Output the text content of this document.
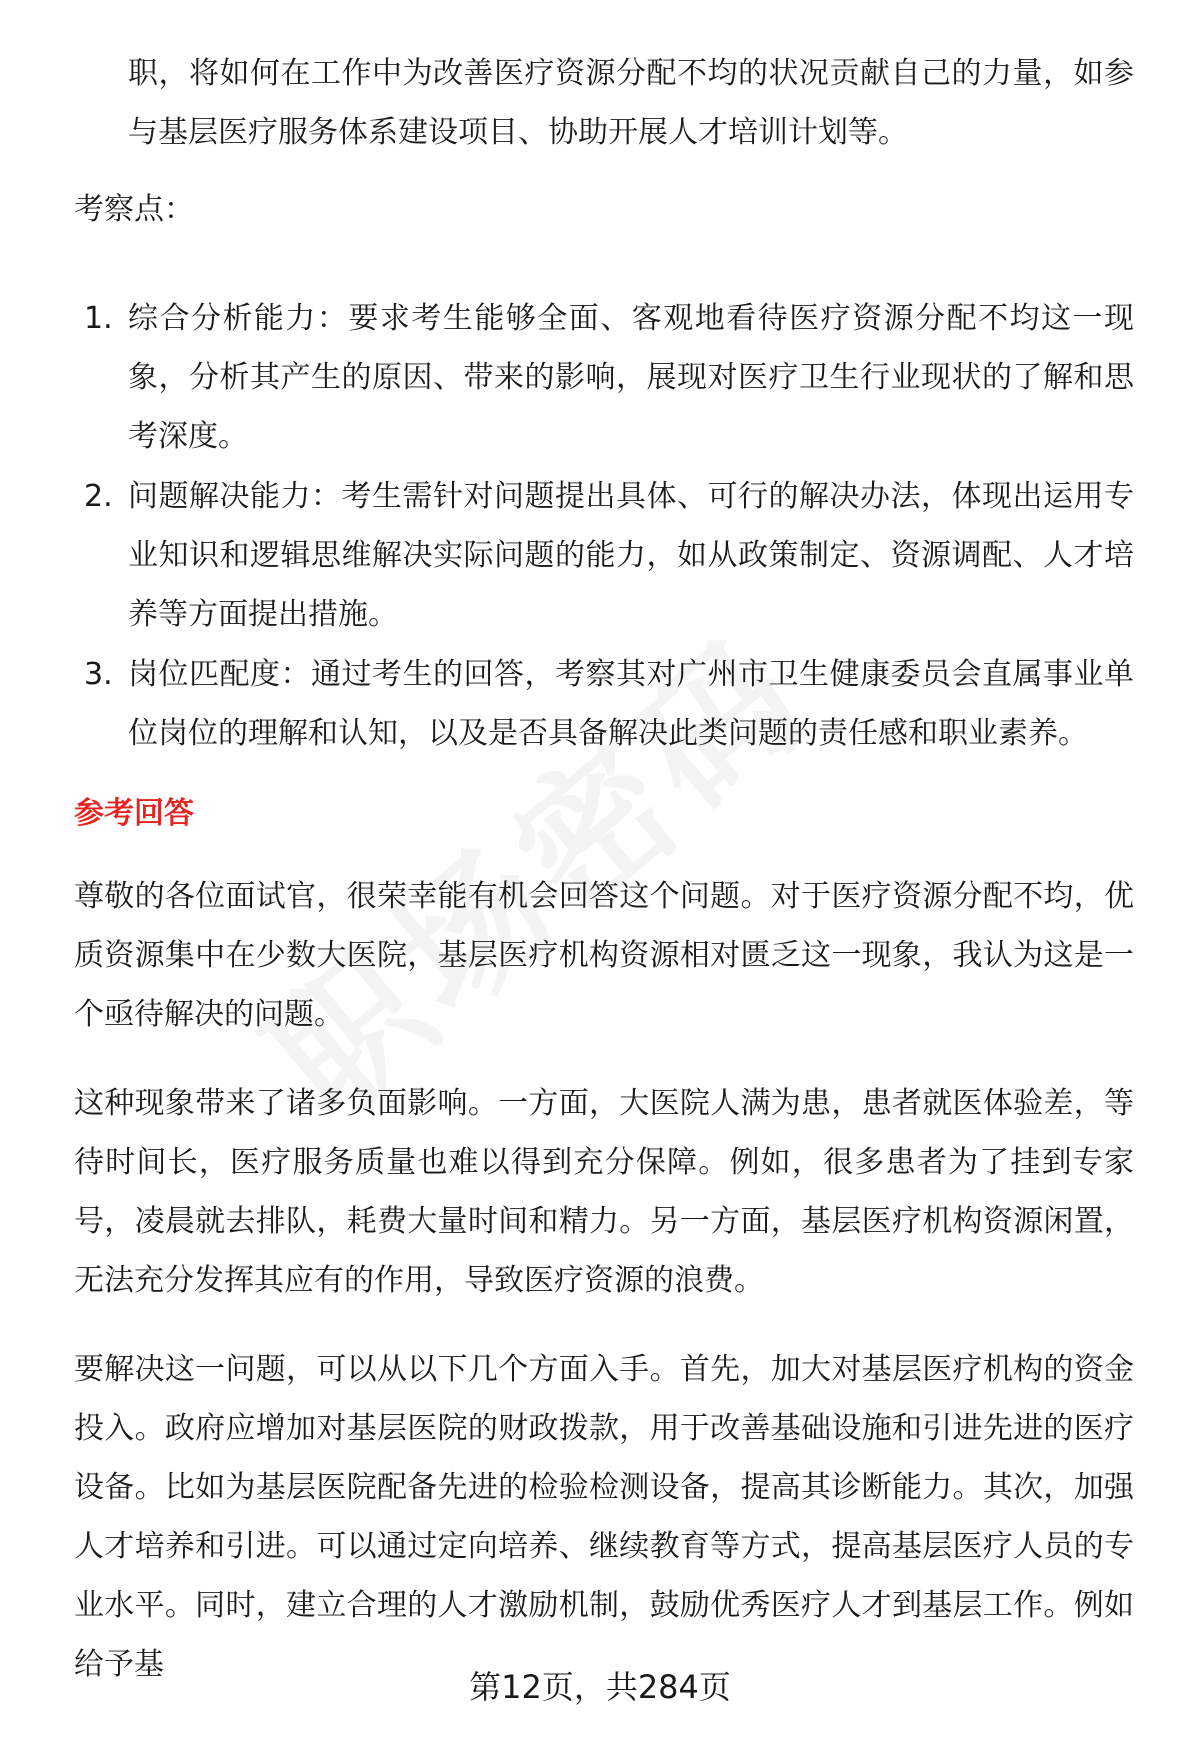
职，将如何在工作中为改善医疗资源分配不均的状况贡献自己的力量，如参与基层医疗服务体系建设项目、协助开展人才培训计划等。

考察点：

1. 综合分析能力：要求考生能够全面、客观地看待医疗资源分配不均这一现象，分析其产生的原因、带来的影响，展现对医疗卫生行业现状的了解和思考深度。

2. 问题解决能力：考生需针对问题提出具体、可行的解决办法，体现出运用专业知识和逻辑思维解决实际问题的能力，如从政策制定、资源调配、人才培养等方面提出措施。

3. 岗位匹配度：通过考生的回答，考察其对广州市卫生健康委员会直属事业单位岗位的理解和认知，以及是否具备解决此类问题的责任感和职业素养。

参考回答

尊敬的各位面试官，很荣幸能有机会回答这个问题。对于医疗资源分配不均，优质资源集中在少数大医院，基层医疗机构资源相对匮乏这一现象，我认为这是一个亟待解决的问题。

这种现象带来了诸多负面影响。一方面，大医院人满为患，患者就医体验差，等待时间长，医疗服务质量也难以得到充分保障。例如，很多患者为了挂到专家号，凌晨就去排队，耗费大量时间和精力。另一方面，基层医疗机构资源闲置，无法充分发挥其应有的作用，导致医疗资源的浪费。

要解决这一问题，可以从以下几个方面入手。首先，加大对基层医疗机构的资金投入。政府应增加对基层医院的财政拨款，用于改善基础设施和引进先进的医疗设备。比如为基层医院配备先进的检验检测设备，提高其诊断能力。其次，加强人才培养和引进。可以通过定向培养、继续教育等方式，提高基层医疗人员的专业水平。同时，建立合理的人才激励机制，鼓励优秀医疗人才到基层工作。例如给予基

第12页，共284页
